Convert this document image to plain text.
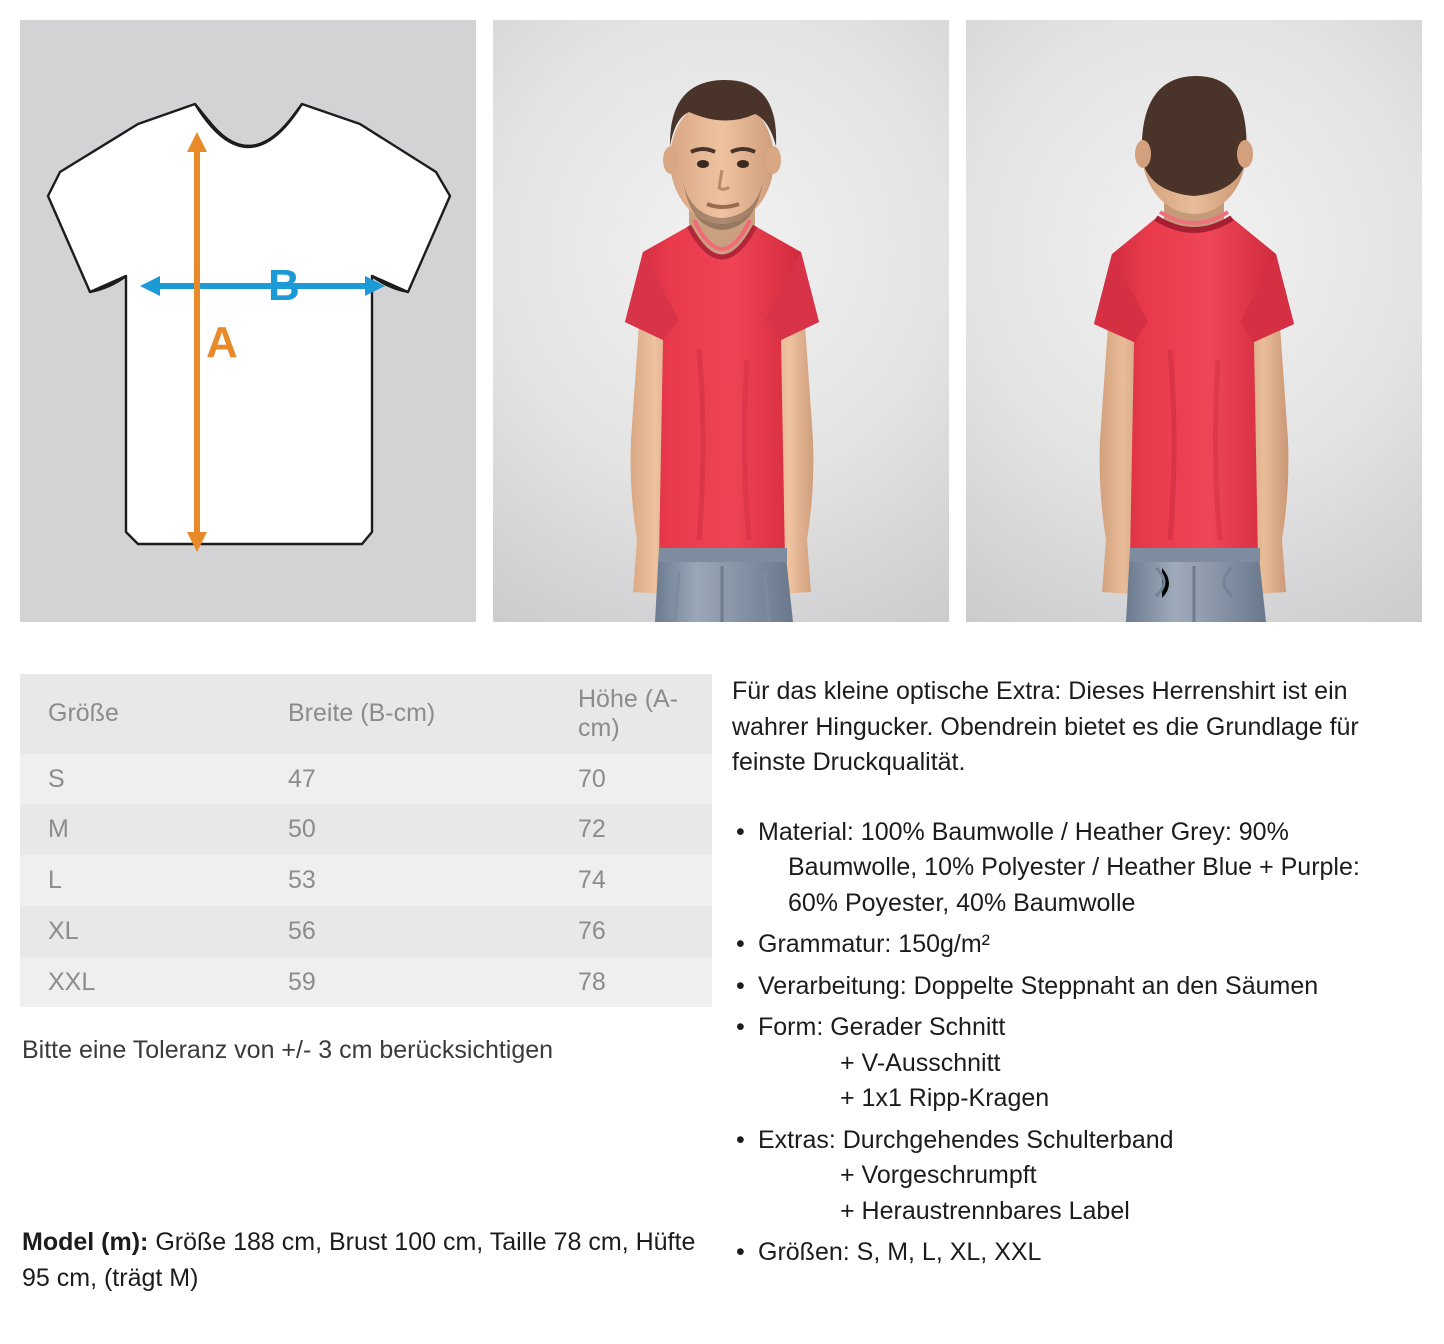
B
A
Größe	Breite (B-cm)	Höhe (A-cm)
S	47	70
M	50	72
L	53	74
XL	56	76
XXL	59	78
Bitte eine Toleranz von +/- 3 cm berücksichtigen
Model (m): Größe 188 cm, Brust 100 cm, Taille 78 cm, Hüfte 95 cm, (trägt M)

Für das kleine optische Extra: Dieses Herrenshirt ist ein wahrer Hingucker. Obendrein bietet es die Grundlage für feinste Druckqualität.

• Material: 100% Baumwolle / Heather Grey: 90%
Baumwolle, 10% Polyester / Heather Blue + Purple:
60% Poyester, 40% Baumwolle
• Grammatur: 150g/m²
• Verarbeitung: Doppelte Steppnaht an den Säumen
• Form: Gerader Schnitt
+ V-Ausschnitt
+ 1x1 Ripp-Kragen
• Extras: Durchgehendes Schulterband
+ Vorgeschrumpft
+ Heraustrennbares Label
• Größen: S, M, L, XL, XXL
